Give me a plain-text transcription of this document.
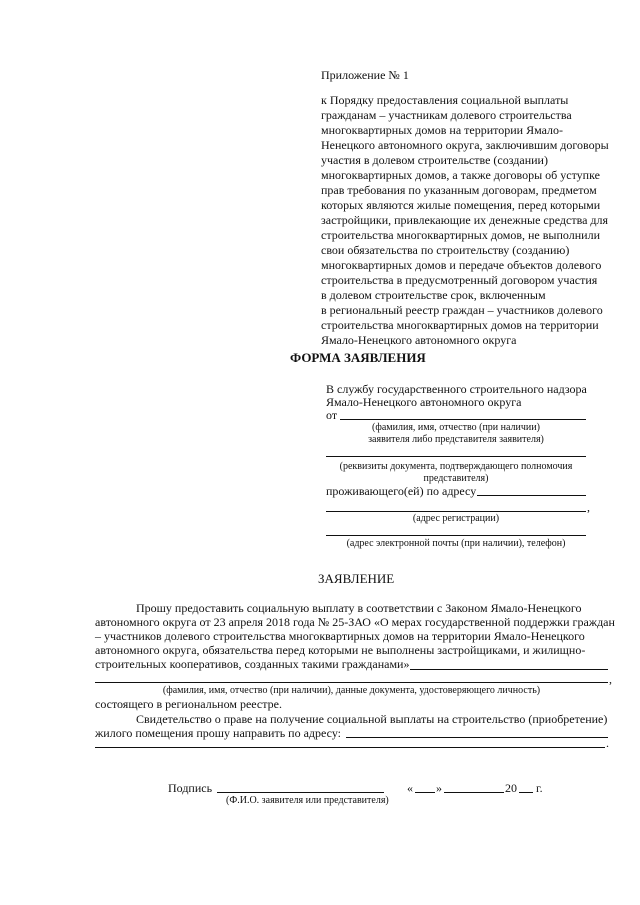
Приложение № 1
к Порядку предоставления социальной выплаты
гражданам – участникам долевого строительства
многоквартирных домов на территории Ямало-
Ненецкого автономного округа, заключившим договоры
участия в долевом строительстве (создании)
многоквартирных домов, а также договоры об уступке
прав требования по указанным договорам, предметом
которых являются жилые помещения, перед которыми
застройщики, привлекающие их денежные средства для
строительства многоквартирных домов, не выполнили
свои обязательства по строительству (созданию)
многоквартирных домов и передаче объектов долевого
строительства в предусмотренный договором участия
в долевом строительстве срок, включенным
в региональный реестр граждан – участников долевого
строительства многоквартирных домов на территории
Ямало-Ненецкого автономного округа
ФОРМА ЗАЯВЛЕНИЯ
В службу государственного строительного надзора
Ямало-Ненецкого автономного округа
от
(фамилия, имя, отчество (при наличии)
заявителя либо представителя заявителя)
(реквизиты документа, подтверждающего полномочия
представителя)
проживающего(ей) по адресу
,
(адрес регистрации)
(адрес электронной почты (при наличии), телефон)
ЗАЯВЛЕНИЕ
Прошу предоставить социальную выплату в соответствии с Законом Ямало-Ненецкого
автономного округа от 23 апреля 2018 года № 25-ЗАО «О мерах государственной поддержки граждан
– участников долевого строительства многоквартирных домов на территории Ямало-Ненецкого
автономного округа, обязательства перед которыми не выполнены застройщиками, и жилищно-
строительных кооперативов, созданных такими гражданами»
,
(фамилия, имя, отчество (при наличии), данные документа, удостоверяющего личность)
состоящего в региональном реестре.
Свидетельство о праве на получение социальной выплаты на строительство (приобретение)
жилого помещения прошу направить по адресу:
.
Подпись	« »	20 г.
(Ф.И.О. заявителя или представителя)
